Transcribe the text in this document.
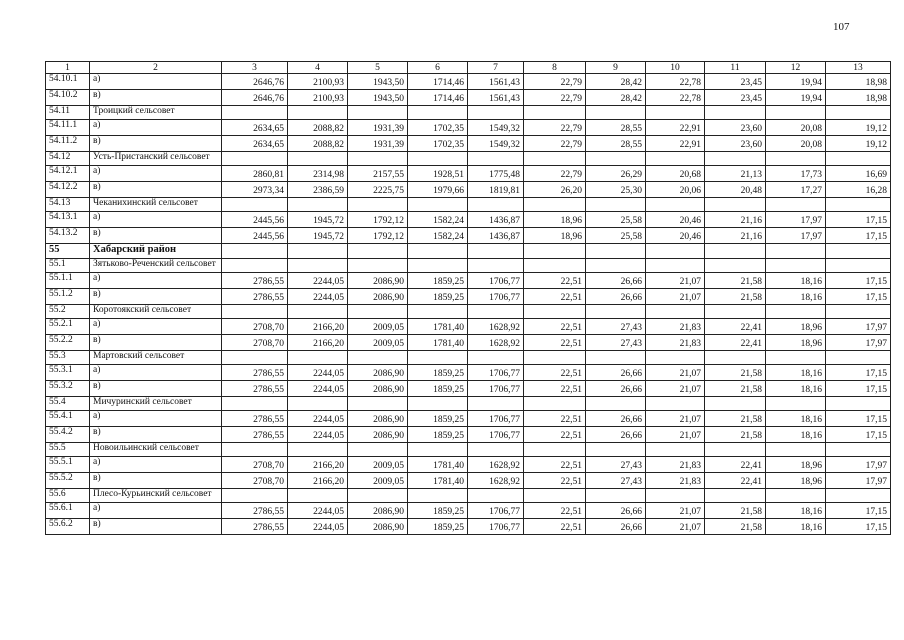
107
1	2	3	4	5	6	7	8	9	10	11	12	13
54.10.1	а)	2646,76	2100,93	1943,50	1714,46	1561,43	22,79	28,42	22,78	23,45	19,94	18,98
54.10.2	в)	2646,76	2100,93	1943,50	1714,46	1561,43	22,79	28,42	22,78	23,45	19,94	18,98
54.11	Троицкий сельсовет											
54.11.1	а)	2634,65	2088,82	1931,39	1702,35	1549,32	22,79	28,55	22,91	23,60	20,08	19,12
54.11.2	в)	2634,65	2088,82	1931,39	1702,35	1549,32	22,79	28,55	22,91	23,60	20,08	19,12
54.12	Усть-Пристанский сельсовет											
54.12.1	а)	2860,81	2314,98	2157,55	1928,51	1775,48	22,79	26,29	20,68	21,13	17,73	16,69
54.12.2	в)	2973,34	2386,59	2225,75	1979,66	1819,81	26,20	25,30	20,06	20,48	17,27	16,28
54.13	Чеканихинский сельсовет											
54.13.1	а)	2445,56	1945,72	1792,12	1582,24	1436,87	18,96	25,58	20,46	21,16	17,97	17,15
54.13.2	в)	2445,56	1945,72	1792,12	1582,24	1436,87	18,96	25,58	20,46	21,16	17,97	17,15
55	Хабарский район											
55.1	Зятьково-Реченский сельсовет											
55.1.1	а)	2786,55	2244,05	2086,90	1859,25	1706,77	22,51	26,66	21,07	21,58	18,16	17,15
55.1.2	в)	2786,55	2244,05	2086,90	1859,25	1706,77	22,51	26,66	21,07	21,58	18,16	17,15
55.2	Коротоякский сельсовет											
55.2.1	а)	2708,70	2166,20	2009,05	1781,40	1628,92	22,51	27,43	21,83	22,41	18,96	17,97
55.2.2	в)	2708,70	2166,20	2009,05	1781,40	1628,92	22,51	27,43	21,83	22,41	18,96	17,97
55.3	Мартовский сельсовет											
55.3.1	а)	2786,55	2244,05	2086,90	1859,25	1706,77	22,51	26,66	21,07	21,58	18,16	17,15
55.3.2	в)	2786,55	2244,05	2086,90	1859,25	1706,77	22,51	26,66	21,07	21,58	18,16	17,15
55.4	Мичуринский сельсовет											
55.4.1	а)	2786,55	2244,05	2086,90	1859,25	1706,77	22,51	26,66	21,07	21,58	18,16	17,15
55.4.2	в)	2786,55	2244,05	2086,90	1859,25	1706,77	22,51	26,66	21,07	21,58	18,16	17,15
55.5	Новоильинский сельсовет											
55.5.1	а)	2708,70	2166,20	2009,05	1781,40	1628,92	22,51	27,43	21,83	22,41	18,96	17,97
55.5.2	в)	2708,70	2166,20	2009,05	1781,40	1628,92	22,51	27,43	21,83	22,41	18,96	17,97
55.6	Плесо-Курьинский сельсовет											
55.6.1	а)	2786,55	2244,05	2086,90	1859,25	1706,77	22,51	26,66	21,07	21,58	18,16	17,15
55.6.2	в)	2786,55	2244,05	2086,90	1859,25	1706,77	22,51	26,66	21,07	21,58	18,16	17,15
